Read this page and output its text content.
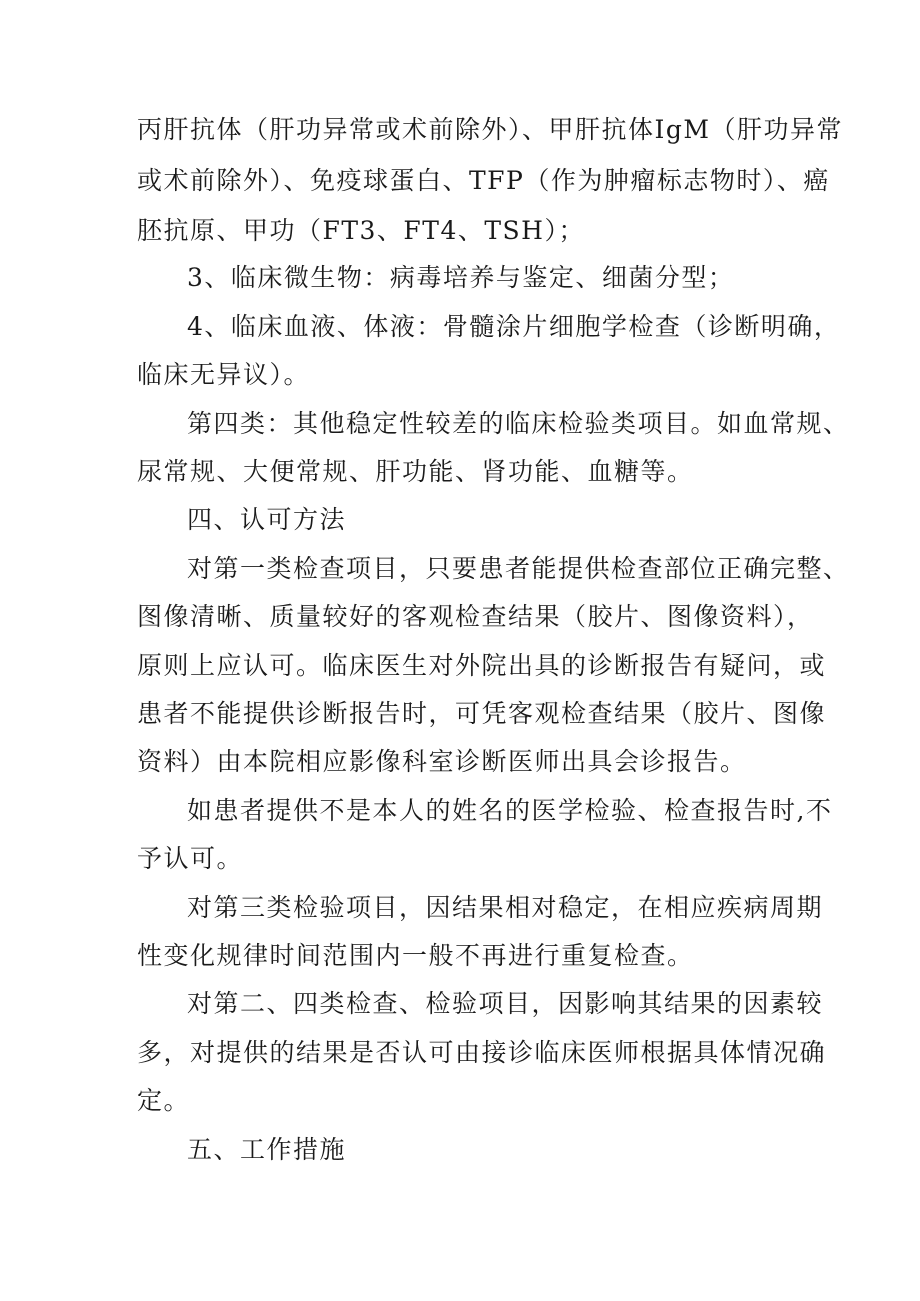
丙肝抗体（肝功异常或术前除外）、甲肝抗体IgM（肝功异常
或术前除外）、免疫球蛋白、TFP（作为肿瘤标志物时）、癌
胚抗原、甲功（FT3、FT4、TSH）；
3、临床微生物：病毒培养与鉴定、细菌分型；
4、临床血液、体液：骨髓涂片细胞学检查（诊断明确，
临床无异议）。
第四类：其他稳定性较差的临床检验类项目。如血常规、
尿常规、大便常规、肝功能、肾功能、血糖等。
四、认可方法
对第一类检查项目，只要患者能提供检查部位正确完整、
图像清晰、质量较好的客观检查结果（胶片、图像资料），
原则上应认可。临床医生对外院出具的诊断报告有疑问，或
患者不能提供诊断报告时，可凭客观检查结果（胶片、图像
资料）由本院相应影像科室诊断医师出具会诊报告。
如患者提供不是本人的姓名的医学检验、检查报告时,不
予认可。
对第三类检验项目，因结果相对稳定，在相应疾病周期
性变化规律时间范围内一般不再进行重复检查。
对第二、四类检查、检验项目，因影响其结果的因素较
多，对提供的结果是否认可由接诊临床医师根据具体情况确
定。
五、工作措施
